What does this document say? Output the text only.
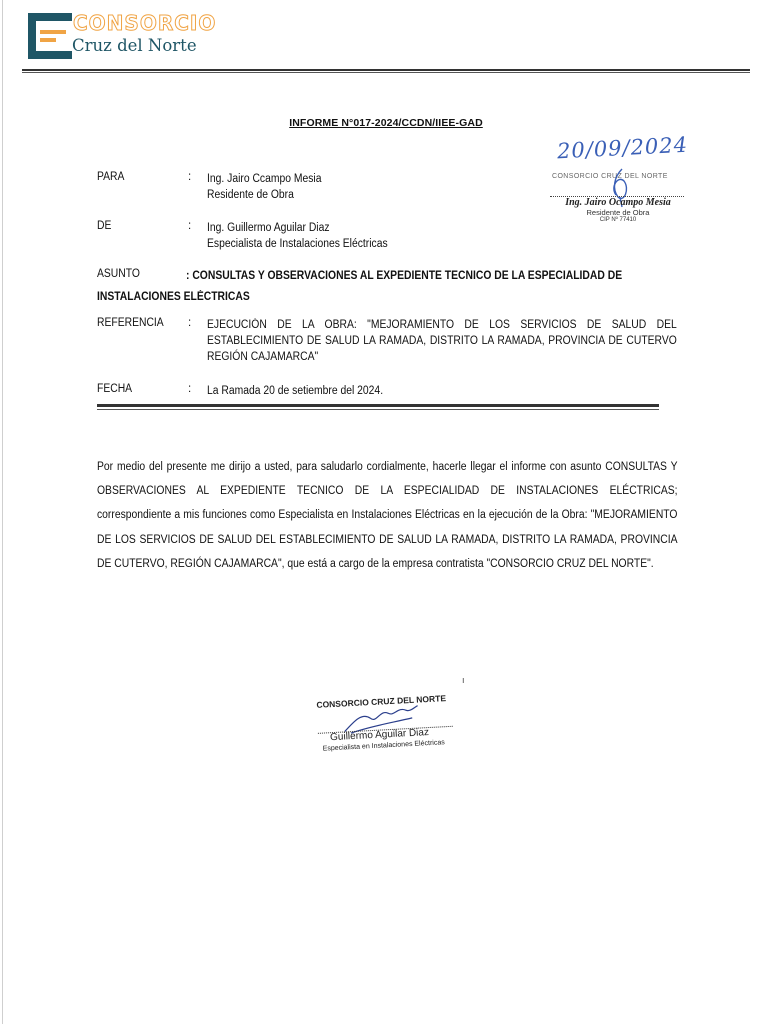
CONSORCIO
Cruz del Norte
INFORME N°017-2024/CCDN/IIEE-GAD
20/09/2024
CONSORCIO CRUZ DEL NORTE
Ing. Jairo Ocampo Mesia
Residente de Obra
CIP Nº 77410
PARA	: Ing. Jairo Ccampo Mesia
Residente de Obra
DE	: Ing. Guillermo Aguilar Diaz
Especialista de Instalaciones Eléctricas
ASUNTO	: CONSULTAS Y OBSERVACIONES AL EXPEDIENTE TECNICO DE LA ESPECIALIDAD DE
INSTALACIONES ELÉCTRICAS
REFERENCIA : EJECUCIÓN DE LA OBRA: "MEJORAMIENTO DE LOS SERVICIOS DE SALUD DEL ESTABLECIMIENTO DE SALUD LA RAMADA, DISTRITO LA RAMADA, PROVINCIA DE CUTERVO REGIÓN CAJAMARCA"
FECHA	: La Ramada 20 de setiembre del 2024.
Por medio del presente me dirijo a usted, para saludarlo cordialmente, hacerle llegar el informe con asunto CONSULTAS Y OBSERVACIONES AL EXPEDIENTE TECNICO DE LA ESPECIALIDAD DE INSTALACIONES ELÉCTRICAS; correspondiente a mis funciones como Especialista en Instalaciones Eléctricas en la ejecución de la Obra: "MEJORAMIENTO DE LOS SERVICIOS DE SALUD DEL ESTABLECIMIENTO DE SALUD LA RAMADA, DISTRITO LA RAMADA, PROVINCIA DE CUTERVO, REGIÓN CAJAMARCA", que está a cargo de la empresa contratista "CONSORCIO CRUZ DEL NORTE".
ı
CONSORCIO CRUZ DEL NORTE
Guillermo Aguilar Diaz
Especialista en Instalaciones Eléctricas
